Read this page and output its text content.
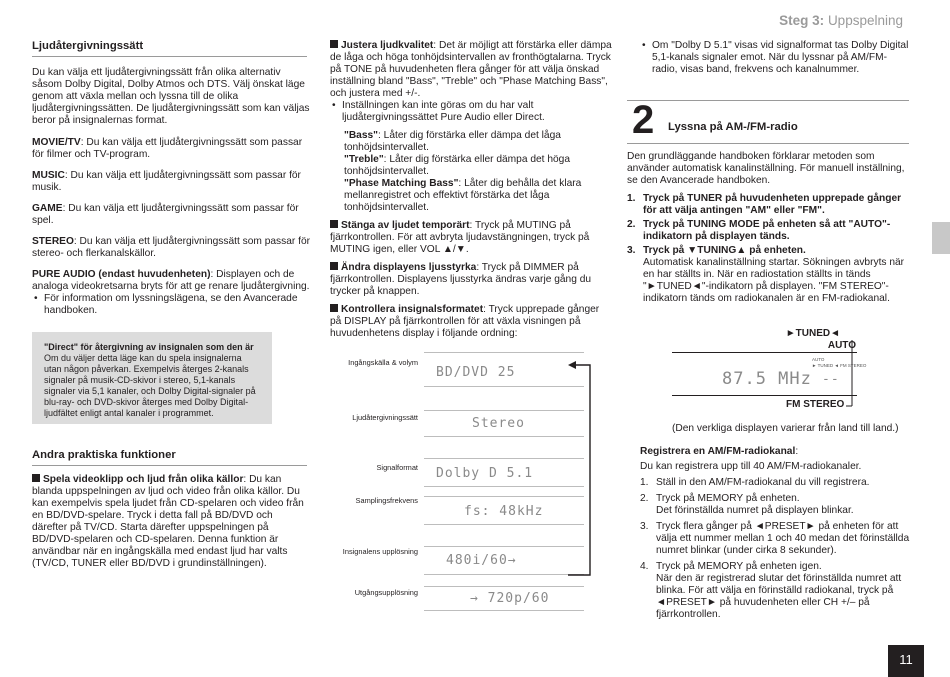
Steg 3: Uppspelning
Ljudåtergivningssätt

Du kan välja ett ljudåtergivningssätt från olika alternativ såsom Dolby Digital, Dolby Atmos och DTS. Välj önskat läge genom att växla mellan och lyssna till de olika ljudåtergivningssätten. De ljudåtergivningssätt som kan väljas beror på insignalernas format.

MOVIE/TV: Du kan välja ett ljudåtergivningssätt som passar för filmer och TV-program.

MUSIC: Du kan välja ett ljudåtergivningssätt som passar för musik.

GAME: Du kan välja ett ljudåtergivningssätt som passar för spel.

STEREO: Du kan välja ett ljudåtergivningssätt som passar för stereo- och flerkanalskällor.

PURE AUDIO (endast huvudenheten): Displayen och de analoga videokretsarna bryts för att ge renare ljudåtergivning.

• För information om lyssningslägena, se den Avancerade handboken.

"Direct" för återgivning av insignalen som den är

Om du väljer detta läge kan du spela insignalerna utan någon påverkan. Exempelvis återges 2-kanals signaler på musik-CD-skivor i stereo, 5,1-kanals signaler via 5,1 kanaler, och Dolby Digital-signaler på blu-ray- och DVD-skivor återges med Dolby Digital-ljudfältet enligt antal kanaler i programmet.

Andra praktiska funktioner

Spela videoklipp och ljud från olika källor: Du kan blanda uppspelningen av ljud och video från olika källor. Du kan exempelvis spela ljudet från CD-spelaren och video från en BD/DVD-spelare. Tryck i detta fall på BD/DVD och därefter på TV/CD. Starta därefter uppspelningen på BD/DVD-spelaren och CD-spelaren. Denna funktion är användbar när en ingångskälla med endast ljud har valts (TV/CD, TUNER eller BD/DVD i grundinställningen).

Justera ljudkvalitet: Det är möjligt att förstärka eller dämpa de låga och höga tonhöjdsintervallen av fronthögtalarna. Tryck på TONE på huvudenheten flera gånger för att välja önskad inställning bland "Bass", "Treble" och "Phase Matching Bass", och justera med +/-.

• Inställningen kan inte göras om du har valt ljudåtergivningssättet Pure Audio eller Direct.

"Bass": Låter dig förstärka eller dämpa det låga tonhöjdsintervallet.

"Treble": Låter dig förstärka eller dämpa det höga tonhöjdsintervallet.

"Phase Matching Bass": Låter dig behålla det klara mellanregistret och effektivt förstärka det låga tonhöjdsintervallet.

Stänga av ljudet temporärt: Tryck på MUTING på fjärrkontrollen. För att avbryta ljudavstängningen, tryck på MUTING igen, eller VOL ▲/▼.

Ändra displayens ljusstyrka: Tryck på DIMMER på fjärrkontrollen. Displayens ljusstyrka ändras varje gång du trycker på knappen.

Kontrollera insignalsformatet: Tryck upprepade gånger på DISPLAY på fjärrkontrollen för att växla visningen på huvudenhetens display i följande ordning:

Ingångskälla & volym
BD/DVD 25
Ljudåtergivningssätt	Stereo
Signalformat Dolby D 5.1
Samplingsfrekvens
fs: 48kHz
Insignalens upplösning
480i/60→
Utgångsupplösning	→ 720p/60
• Om "Dolby D 5.1" visas vid signalformat tas Dolby Digital 5,1-kanals signaler emot. När du lyssnar på AM/FM-radio, visas band, frekvens och kanalnummer.
2 Lyssna på AM-/FM-radio

Den grundläggande handboken förklarar metoden som använder automatisk kanalinställning. För manuell inställning, se den Avancerade handboken.

1. Tryck på TUNER på huvudenheten upprepade gånger för att välja antingen "AM" eller "FM".
2. Tryck på TUNING MODE på enheten så att "AUTO"-indikatorn på displayen tänds.
3. Tryck på ▼TUNING▲ på enheten.

Automatisk kanalinställning startar. Sökningen avbryts när en har ställts in. När en radiostation ställts in tänds "►TUNED◄"-indikatorn på displayen. "FM STEREO"-indikatorn tänds om radiokanalen är en FM-radiokanal.

►TUNED◄
AUTO
87.5 MHz
AUTO
► TUNED ◄ FM STEREO
--
FM STEREO
(Den verkliga displayen varierar från land till land.)

Registrera en AM/FM-radiokanal:

Du kan registrera upp till 40 AM/FM-radiokanaler.

1. Ställ in den AM/FM-radiokanal du vill registrera.
2. Tryck på MEMORY på enheten.
Det förinställda numret på displayen blinkar.
3. Tryck flera gånger på ◄PRESET► på enheten för att välja ett nummer mellan 1 och 40 medan det förinställda numret blinkar (under cirka 8 sekunder).
4. Tryck på MEMORY på enheten igen.
När den är registrerad slutar det förinställda numret att blinka. För att välja en förinställd radiokanal, tryck på ◄PRESET► på huvudenheten eller CH +/– på fjärrkontrollen.
11
